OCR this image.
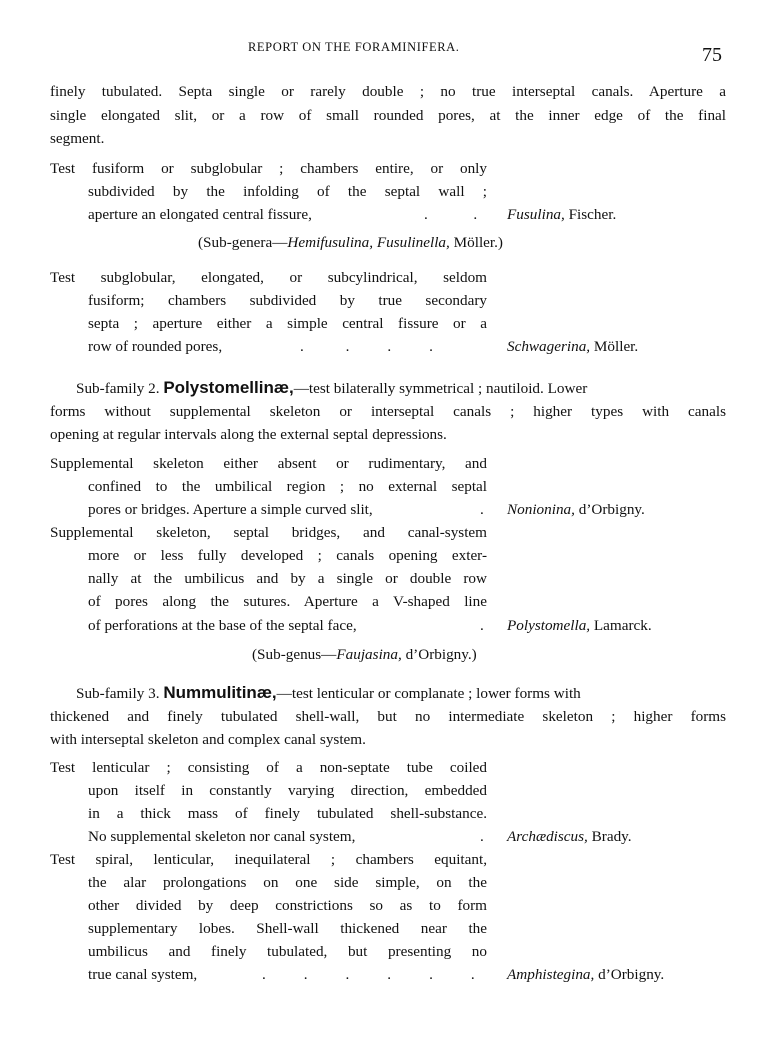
REPORT ON THE FORAMINIFERA.	75
finely tubulated. Septa single or rarely double ; no true interseptal canals. Aperture a
single elongated slit, or a row of small rounded pores, at the inner edge of the final
segment.
Test fusiform or subglobular ; chambers entire, or only
subdivided by the infolding of the septal wall ;
aperture an elongated central fissure,	.            . Fusulina, Fischer.
(Sub-genera—Hemifusulina, Fusulinella, Möller.)
Test subglobular, elongated, or subcylindrical, seldom
fusiform; chambers subdivided by true secondary
septa ; aperture either a simple central fissure or a
row of rounded pores,	.           .          .          .	Schwagerina, Möller.
Sub-family 2. Polystomellinæ,—test bilaterally symmetrical ; nautiloid. Lower
forms without supplemental skeleton or interseptal canals ; higher types with canals
opening at regular intervals along the external septal depressions.
Supplemental skeleton either absent or rudimentary, and
confined to the umbilical region ; no external septal
pores or bridges. Aperture a simple curved slit,	. Nonionina, d’Orbigny.
Supplemental skeleton, septal bridges, and canal-system
more or less fully developed ; canals opening exter-
nally at the umbilicus and by a single or double row
of pores along the sutures. Aperture a V-shaped line
of perforations at the base of the septal face,	. Polystomella, Lamarck.
(Sub-genus—Faujasina, d’Orbigny.)
Sub-family 3. Nummulitinæ,—test lenticular or complanate ; lower forms with
thickened and finely tubulated shell-wall, but no intermediate skeleton ; higher forms
with interseptal skeleton and complex canal system.
Test lenticular ; consisting of a non-septate tube coiled
upon itself in constantly varying direction, embedded
in a thick mass of finely tubulated shell-substance.
No supplemental skeleton nor canal system,	. Archædiscus, Brady.
Test spiral, lenticular, inequilateral ; chambers equitant,
the alar prolongations on one side simple, on the
other divided by deep constrictions so as to form
supplementary lobes. Shell-wall thickened near the
umbilicus and finely tubulated, but presenting no
true canal system,	.          .          .          .          .          . Amphistegina, d’Orbigny.
